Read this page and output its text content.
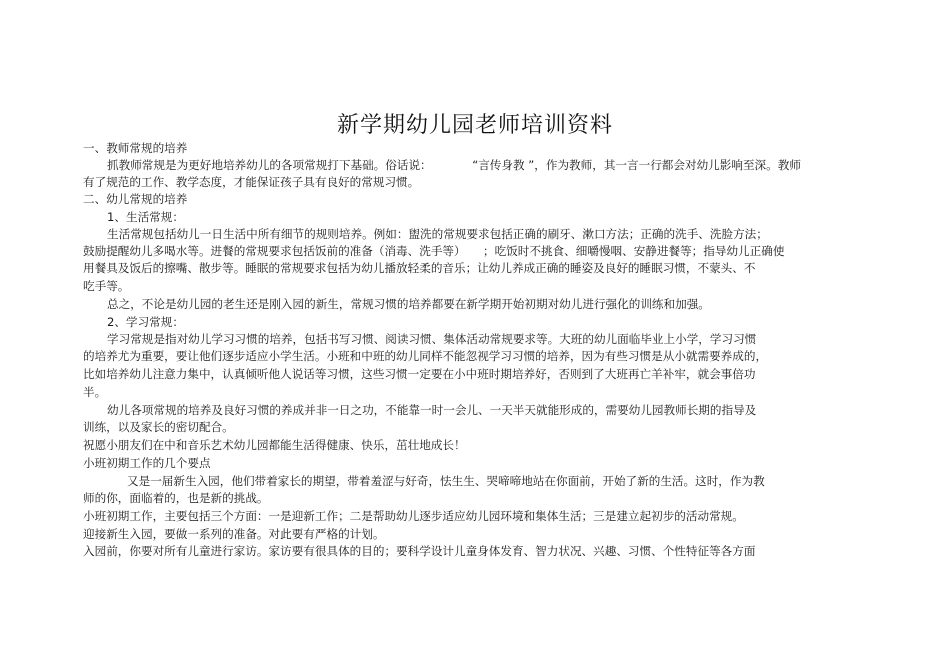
新学期幼儿园老师培训资料
一、教师常规的培养
抓教师常规是为更好地培养幼儿的各项常规打下基础。俗话说：　　　　“言传身教 ”，作为教师，其一言一行都会对幼儿影响至深。教师
有了规范的工作、教学态度，才能保证孩子具有良好的常规习惯。
二、幼儿常规的培养
1、生活常规：
生活常规包括幼儿一日生活中所有细节的规则培养。例如：盥洗的常规要求包括正确的刷牙、漱口方法；正确的洗手、洗脸方法；
鼓励提醒幼儿多喝水等。进餐的常规要求包括饭前的准备（消毒、洗手等）　　；吃饭时不挑食、细嚼慢咽、安静进餐等；指导幼儿正确使
用餐具及饭后的擦嘴、散步等。睡眠的常规要求包括为幼儿播放轻柔的音乐；让幼儿养成正确的睡姿及良好的睡眠习惯，不蒙头、不
吃手等。
总之，不论是幼儿园的老生还是刚入园的新生，常规习惯的培养都要在新学期开始初期对幼儿进行强化的训练和加强。
2、学习常规：
学习常规是指对幼儿学习习惯的培养，包括书写习惯、阅读习惯、集体活动常规要求等。大班的幼儿面临毕业上小学，学习习惯
的培养尤为重要，要让他们逐步适应小学生活。小班和中班的幼儿同样不能忽视学习习惯的培养，因为有些习惯是从小就需要养成的，
比如培养幼儿注意力集中，认真倾听他人说话等习惯，这些习惯一定要在小中班时期培养好，否则到了大班再亡羊补牢，就会事倍功
半。
幼儿各项常规的培养及良好习惯的养成并非一日之功，不能靠一时一会儿、一天半天就能形成的，需要幼儿园教师长期的指导及
训练，以及家长的密切配合。
祝愿小朋友们在中和音乐艺术幼儿园都能生活得健康、快乐，茁壮地成长！
小班初期工作的几个要点
又是一届新生入园，他们带着家长的期望，带着羞涩与好奇，怯生生、哭啼啼地站在你面前，开始了新的生活。这时，作为教
师的你，面临着的，也是新的挑战。
小班初期工作，主要包括三个方面：一是迎新工作；二是帮助幼儿逐步适应幼儿园环境和集体生活；三是建立起初步的活动常规。
迎接新生入园，要做一系列的准备。对此要有严格的计划。
入园前，你要对所有儿童进行家访。家访要有很具体的目的；要科学设计儿童身体发育、智力状况、兴趣、习惯、个性特征等各方面
